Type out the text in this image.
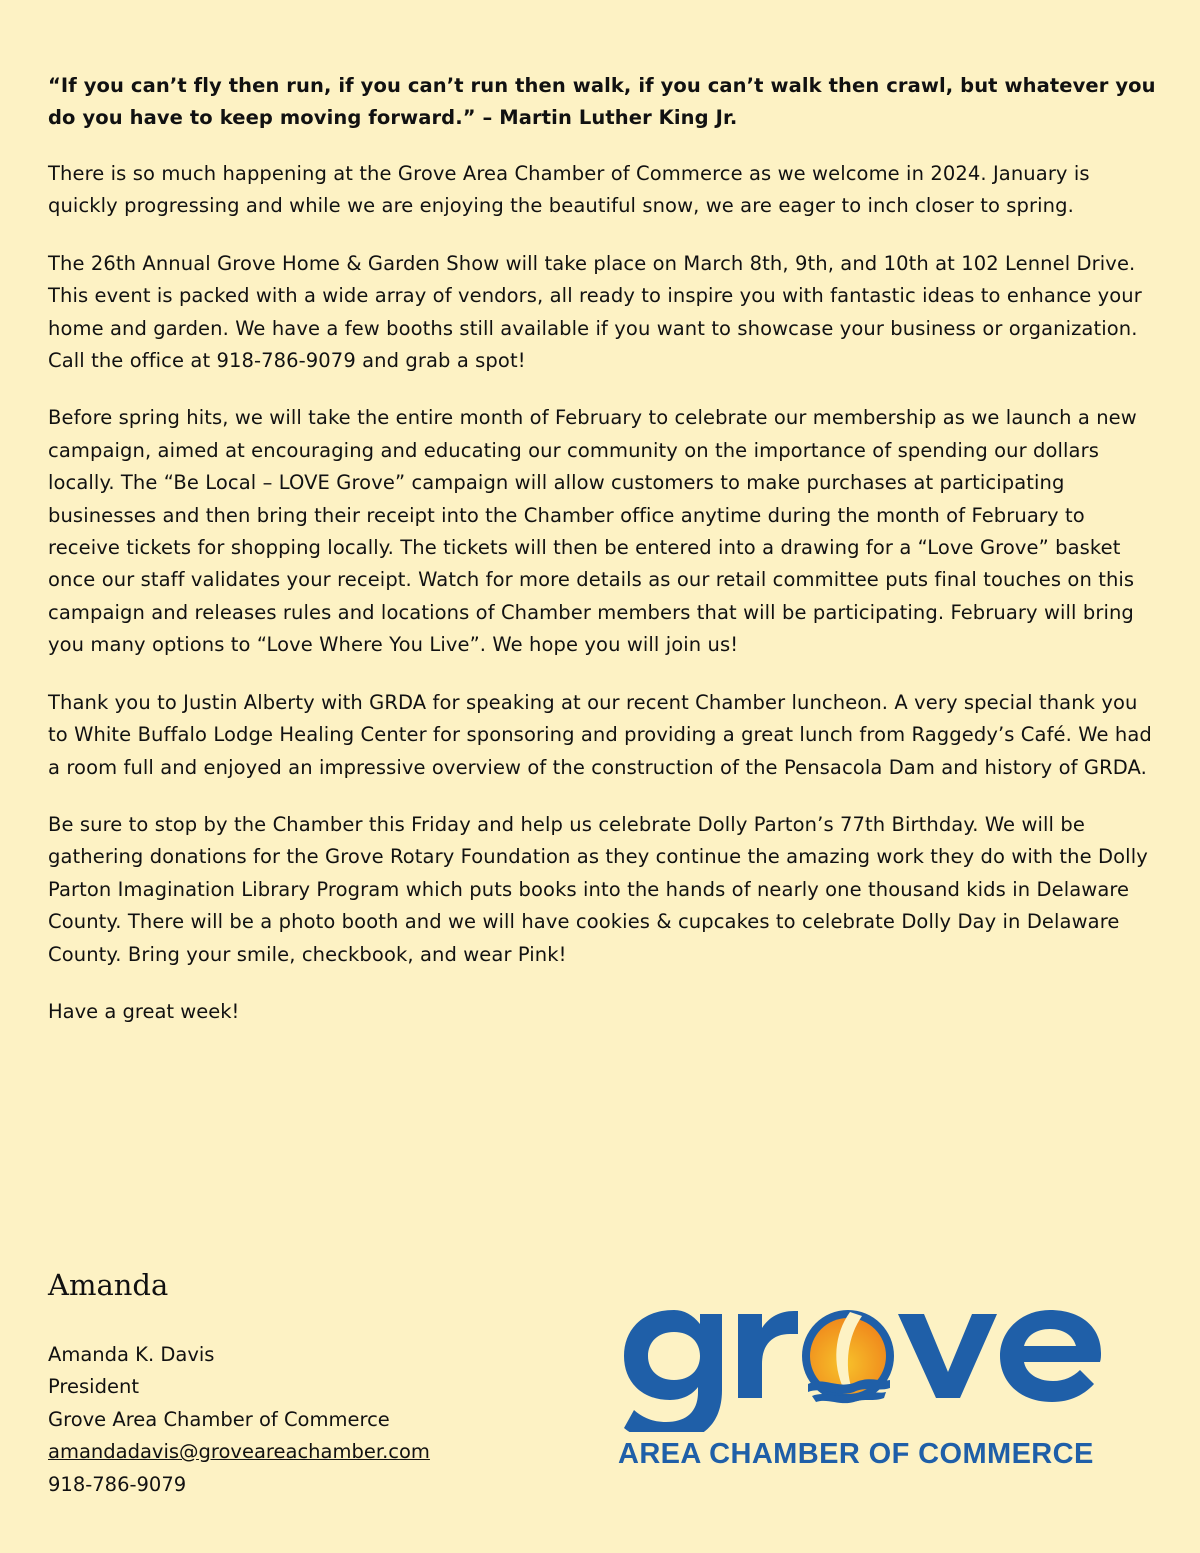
“If you can’t fly then run, if you can’t run then walk, if you can’t walk then crawl, but whatever you do you have to keep moving forward.” – Martin Luther King Jr.

There is so much happening at the Grove Area Chamber of Commerce as we welcome in 2024. January is quickly progressing and while we are enjoying the beautiful snow, we are eager to inch closer to spring.

The 26th Annual Grove Home & Garden Show will take place on March 8th, 9th, and 10th at 102 Lennel Drive. This event is packed with a wide array of vendors, all ready to inspire you with fantastic ideas to enhance your home and garden. We have a few booths still available if you want to showcase your business or organization. Call the office at 918-786-9079 and grab a spot!

Before spring hits, we will take the entire month of February to celebrate our membership as we launch a new campaign, aimed at encouraging and educating our community on the importance of spending our dollars locally. The “Be Local – LOVE Grove” campaign will allow customers to make purchases at participating businesses and then bring their receipt into the Chamber office anytime during the month of February to receive tickets for shopping locally. The tickets will then be entered into a drawing for a “Love Grove” basket once our staff validates your receipt. Watch for more details as our retail committee puts final touches on this campaign and releases rules and locations of Chamber members that will be participating. February will bring you many options to “Love Where You Live”. We hope you will join us!

Thank you to Justin Alberty with GRDA for speaking at our recent Chamber luncheon. A very special thank you to White Buffalo Lodge Healing Center for sponsoring and providing a great lunch from Raggedy’s Café. We had a room full and enjoyed an impressive overview of the construction of the Pensacola Dam and history of GRDA.

Be sure to stop by the Chamber this Friday and help us celebrate Dolly Parton’s 77th Birthday. We will be gathering donations for the Grove Rotary Foundation as they continue the amazing work they do with the Dolly Parton Imagination Library Program which puts books into the hands of nearly one thousand kids in Delaware County. There will be a photo booth and we will have cookies & cupcakes to celebrate Dolly Day in Delaware County. Bring your smile, checkbook, and wear Pink!

Have a great week!

Amanda
Amanda K. Davis
President
Grove Area Chamber of Commerce
amandadavis@groveareachamber.com
918-786-9079
AREA CHAMBER OF COMMERCE
